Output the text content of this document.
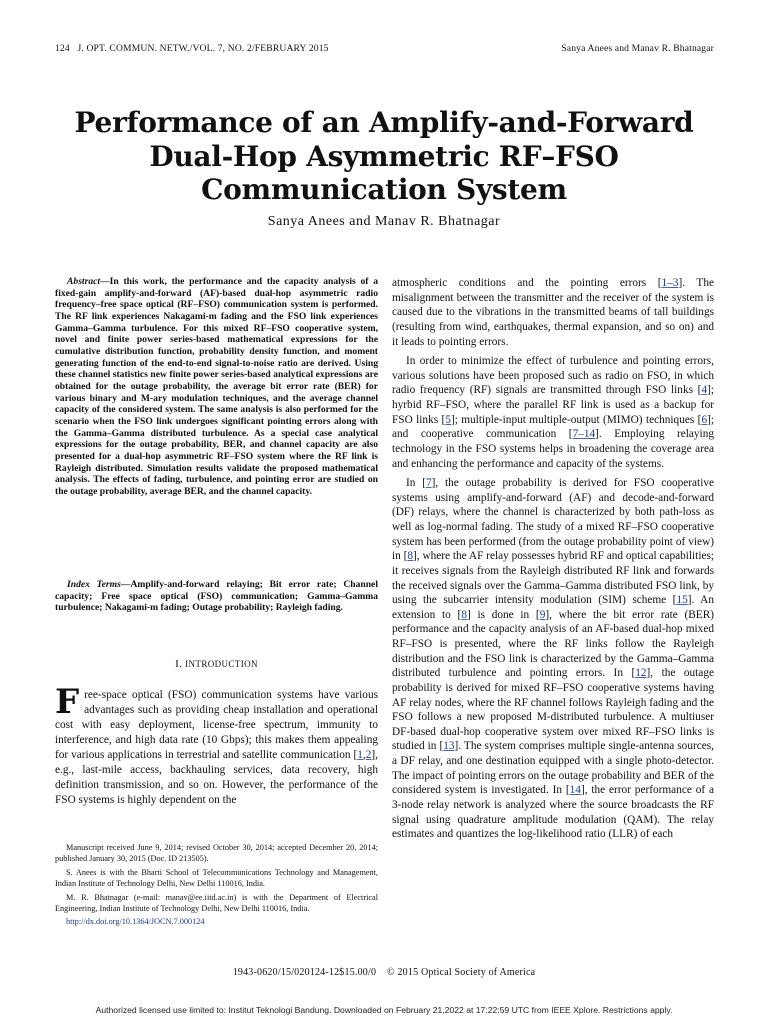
124   J. OPT. COMMUN. NETW./VOL. 7, NO. 2/FEBRUARY 2015	Sanya Anees and Manav R. Bhatnagar
Performance of an Amplify-and-Forward
Dual-Hop Asymmetric RF–FSO
Communication System
Sanya Anees and Manav R. Bhatnagar
Abstract—In this work, the performance and the capacity analysis of a fixed-gain amplify-and-forward (AF)-based dual-hop asymmetric radio frequency–free space optical (RF–FSO) communication system is performed. The RF link experiences Nakagami-m fading and the FSO link experiences Gamma–Gamma turbulence. For this mixed RF–FSO cooperative system, novel and finite power series-based mathematical expressions for the cumulative distribution function, probability density function, and moment generating function of the end-to-end signal-to-noise ratio are derived. Using these channel statistics new finite power series-based analytical expressions are obtained for the outage probability, the average bit error rate (BER) for various binary and M-ary modulation techniques, and the average channel capacity of the considered system. The same analysis is also performed for the scenario when the FSO link undergoes significant pointing errors along with the Gamma–Gamma distributed turbulence. As a special case analytical expressions for the outage probability, BER, and channel capacity are also presented for a dual-hop asymmetric RF–FSO system where the RF link is Rayleigh distributed. Simulation results validate the proposed mathematical analysis. The effects of fading, turbulence, and pointing error are studied on the outage probability, average BER, and the channel capacity.
Index Terms—Amplify-and-forward relaying; Bit error rate; Channel capacity; Free space optical (FSO) communication; Gamma–Gamma turbulence; Nakagami-m fading; Outage probability; Rayleigh fading.
I. INTRODUCTION
Free-space optical (FSO) communication systems have various advantages such as providing cheap installation and operational cost with easy deployment, license-free spectrum, immunity to interference, and high data rate (10 Gbps); this makes them appealing for various applications in terrestrial and satellite communication [1,2], e.g., last-mile access, backhauling services, data recovery, high definition transmission, and so on. However, the performance of the FSO systems is highly dependent on the

Manuscript received June 9, 2014; revised October 30, 2014; accepted December 20, 2014; published January 30, 2015 (Doc. ID 213505).

S. Anees is with the Bharti School of Telecommunications Technology and Management, Indian Institute of Technology Delhi, New Delhi 110016, India.

M. R. Bhatnagar (e-mail: manav@ee.iitd.ac.in) is with the Department of Electrical Engineering, Indian Institute of Technology Delhi, New Delhi 110016, India.

http://dx.doi.org/10.1364/JOCN.7.000124

atmospheric conditions and the pointing errors [1–3]. The misalignment between the transmitter and the receiver of the system is caused due to the vibrations in the transmitted beams of tall buildings (resulting from wind, earthquakes, thermal expansion, and so on) and it leads to pointing errors.

In order to minimize the effect of turbulence and pointing errors, various solutions have been proposed such as radio on FSO, in which radio frequency (RF) signals are transmitted through FSO links [4]; hyrbid RF–FSO, where the parallel RF link is used as a backup for FSO links [5]; multiple-input multiple-output (MIMO) techniques [6]; and cooperative communication [7–14]. Employing relaying technology in the FSO systems helps in broadening the coverage area and enhancing the performance and capacity of the systems.

In [7], the outage probability is derived for FSO cooperative systems using amplify-and-forward (AF) and decode-and-forward (DF) relays, where the channel is characterized by both path-loss as well as log-normal fading. The study of a mixed RF–FSO cooperative system has been performed (from the outage probability point of view) in [8], where the AF relay possesses hybrid RF and optical capabilities; it receives signals from the Rayleigh distributed RF link and forwards the received signals over the Gamma–Gamma distributed FSO link, by using the subcarrier intensity modulation (SIM) scheme [15]. An extension to [8] is done in [9], where the bit error rate (BER) performance and the capacity analysis of an AF-based dual-hop mixed RF–FSO is presented, where the RF links follow the Rayleigh distribution and the FSO link is characterized by the Gamma–Gamma distributed turbulence and pointing errors. In [12], the outage probability is derived for mixed RF–FSO cooperative systems having AF relay nodes, where the RF channel follows Rayleigh fading and the FSO follows a new proposed M-distributed turbulence. A multiuser DF-based dual-hop cooperative system over mixed RF–FSO links is studied in [13]. The system comprises multiple single-antenna sources, a DF relay, and one destination equipped with a single photo-detector. The impact of pointing errors on the outage probability and BER of the considered system is investigated. In [14], the error performance of a 3-node relay network is analyzed where the source broadcasts the RF signal using quadrature amplitude modulation (QAM). The relay estimates and quantizes the log-likelihood ratio (LLR) of each

1943-0620/15/020124-12$15.00/0    © 2015 Optical Society of America
Authorized licensed use limited to: Institut Teknologi Bandung. Downloaded on February 21,2022 at 17:22:59 UTC from IEEE Xplore. Restrictions apply.
